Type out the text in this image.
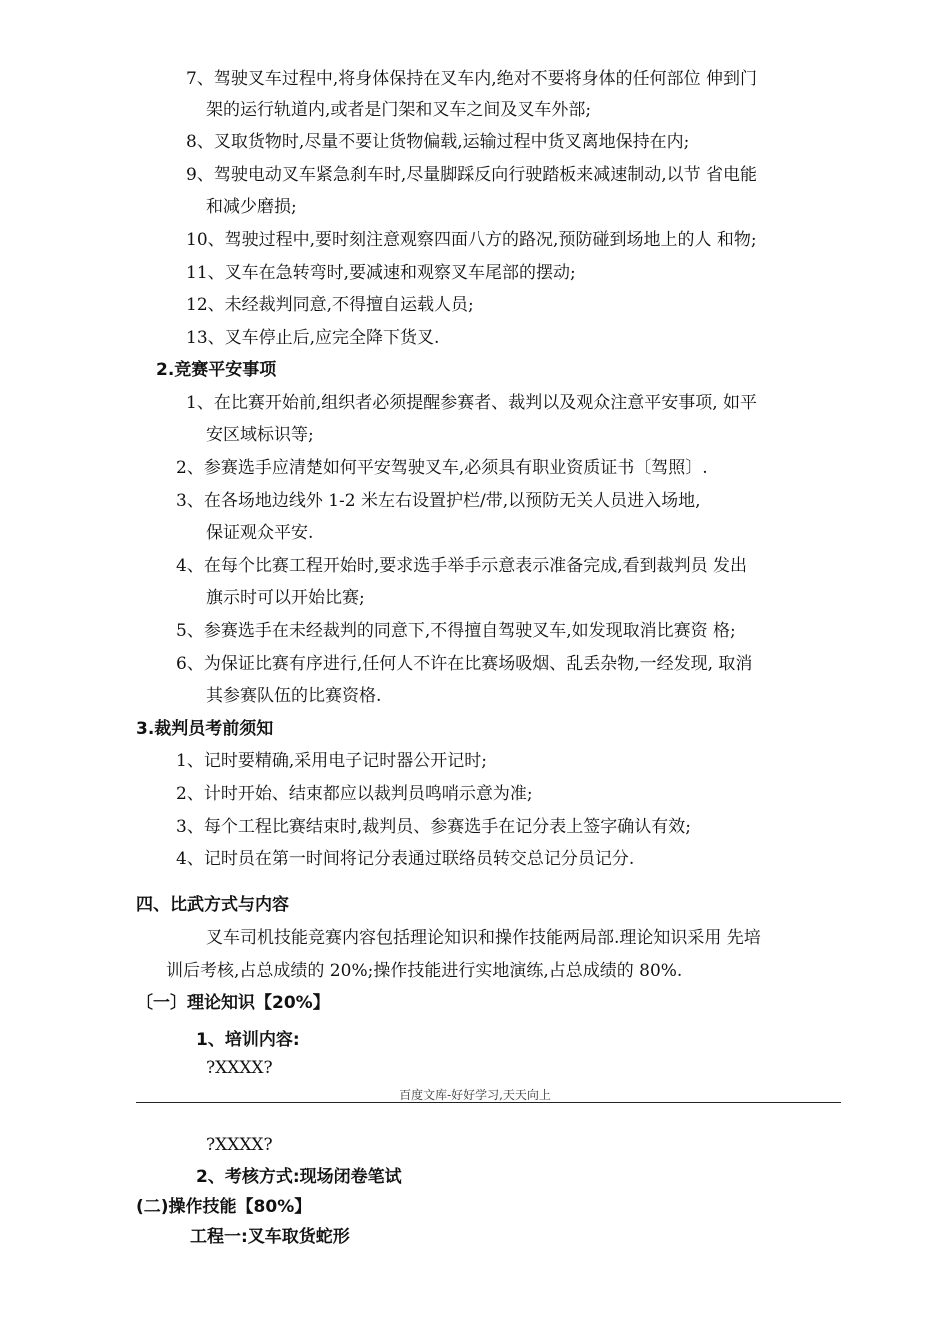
7、驾驶叉车过程中,将身体保持在叉车内,绝对不要将身体的任何部位 伸到门
架的运行轨道内,或者是门架和叉车之间及叉车外部;
8、叉取货物时,尽量不要让货物偏载,运输过程中货叉离地保持在内;
9、驾驶电动叉车紧急刹车时,尽量脚踩反向行驶踏板来减速制动,以节 省电能
和减少磨损;
10、驾驶过程中,要时刻注意观察四面八方的路况,预防碰到场地上的人 和物;
11、叉车在急转弯时,要减速和观察叉车尾部的摆动;
12、未经裁判同意,不得擅自运载人员;
13、叉车停止后,应完全降下货叉.
2.竞赛平安事项
1、在比赛开始前,组织者必须提醒参赛者、裁判以及观众注意平安事项, 如平
安区域标识等;
2、参赛选手应清楚如何平安驾驶叉车,必须具有职业资质证书〔驾照〕.
3、在各场地边线外 1-2 米左右设置护栏/带,以预防无关人员进入场地,
保证观众平安.
4、在每个比赛工程开始时,要求选手举手示意表示准备完成,看到裁判员 发出
旗示时可以开始比赛;
5、参赛选手在未经裁判的同意下,不得擅自驾驶叉车,如发现取消比赛资 格;
6、为保证比赛有序进行,任何人不许在比赛场吸烟、乱丢杂物,一经发现, 取消
其参赛队伍的比赛资格.
3.裁判员考前须知
1、记时要精确,采用电子记时器公开记时;
2、计时开始、结束都应以裁判员鸣哨示意为准;
3、每个工程比赛结束时,裁判员、参赛选手在记分表上签字确认有效;
4、记时员在第一时间将记分表通过联络员转交总记分员记分.
四、比武方式与内容
叉车司机技能竞赛内容包括理论知识和操作技能两局部.理论知识采用 先培
训后考核,占总成绩的 20%;操作技能进行实地演练,占总成绩的 80%.
〔一〕理论知识【20%】
1、培训内容:
?XXXX?
百度文库-好好学习,天天向上
?XXXX?
2、考核方式:现场闭卷笔试
(二)操作技能【80%】
工程一:叉车取货蛇形
